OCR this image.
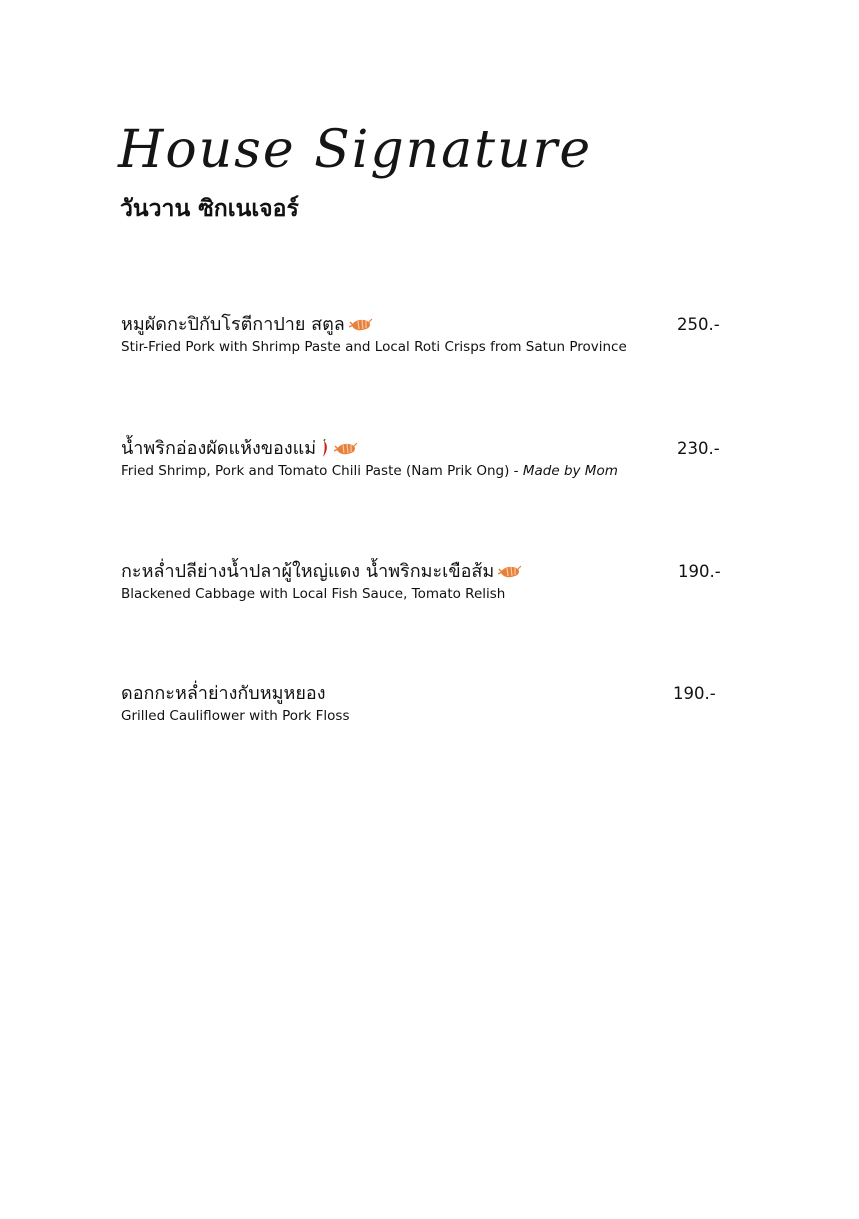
House Signature
วันวาน ซิกเนเจอร์
หมูผัดกะปิกับโรตีกาปาย สตูล
Stir-Fried Pork with Shrimp Paste and Local Roti Crisps from Satun Province
250.-
น้ำพริกอ่องผัดแห้งของแม่
Fried Shrimp, Pork and Tomato Chili Paste (Nam Prik Ong) - Made by Mom
230.-
กะหล่ำปลีย่างน้ำปลาผู้ใหญ่แดง น้ำพริกมะเขือส้ม
Blackened Cabbage with Local Fish Sauce, Tomato Relish
190.-
ดอกกะหล่ำย่างกับหมูหยอง
Grilled Cauliflower with Pork Floss
190.-
